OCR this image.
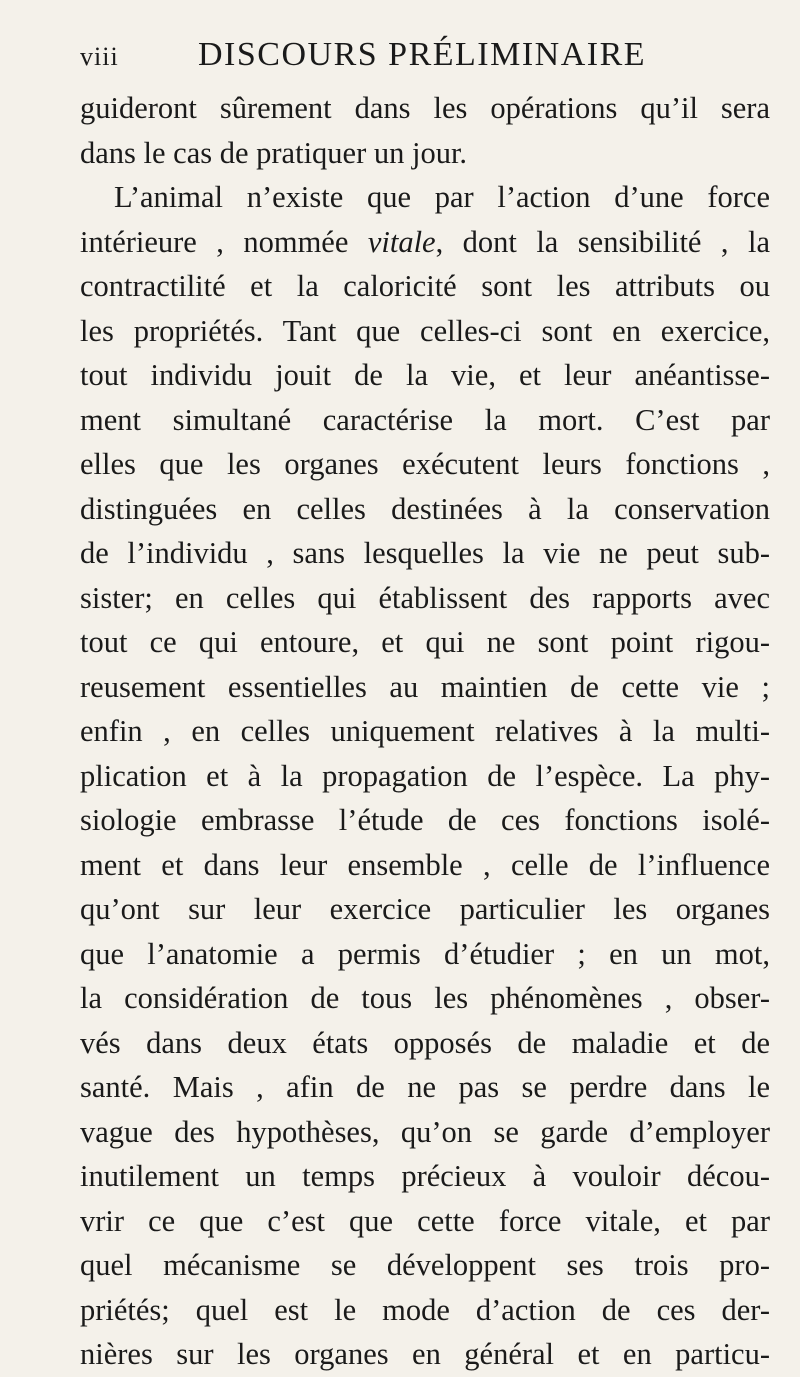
viii DISCOURS PRÉLIMINAIRE
guideront sûrement dans les opérations qu’il sera
dans le cas de pratiquer un jour.
L’animal n’existe que par l’action d’une force
intérieure , nommée vitale, dont la sensibilité , la
contractilité et la caloricité sont les attributs ou
les propriétés. Tant que celles-ci sont en exercice,
tout individu jouit de la vie, et leur anéantisse-
ment simultané caractérise la mort. C’est par
elles que les organes exécutent leurs fonctions ,
distinguées en celles destinées à la conservation
de l’individu , sans lesquelles la vie ne peut sub-
sister; en celles qui établissent des rapports avec
tout ce qui entoure, et qui ne sont point rigou-
reusement essentielles au maintien de cette vie ;
enfin , en celles uniquement relatives à la multi-
plication et à la propagation de l’espèce. La phy-
siologie embrasse l’étude de ces fonctions isolé-
ment et dans leur ensemble , celle de l’influence
qu’ont sur leur exercice particulier les organes
que l’anatomie a permis d’étudier ; en un mot,
la considération de tous les phénomènes , obser-
vés dans deux états opposés de maladie et de
santé. Mais , afin de ne pas se perdre dans le
vague des hypothèses, qu’on se garde d’employer
inutilement un temps précieux à vouloir décou-
vrir ce que c’est que cette force vitale, et par
quel mécanisme se développent ses trois pro-
priétés; quel est le mode d’action de ces der-
nières sur les organes en général et en particu-
